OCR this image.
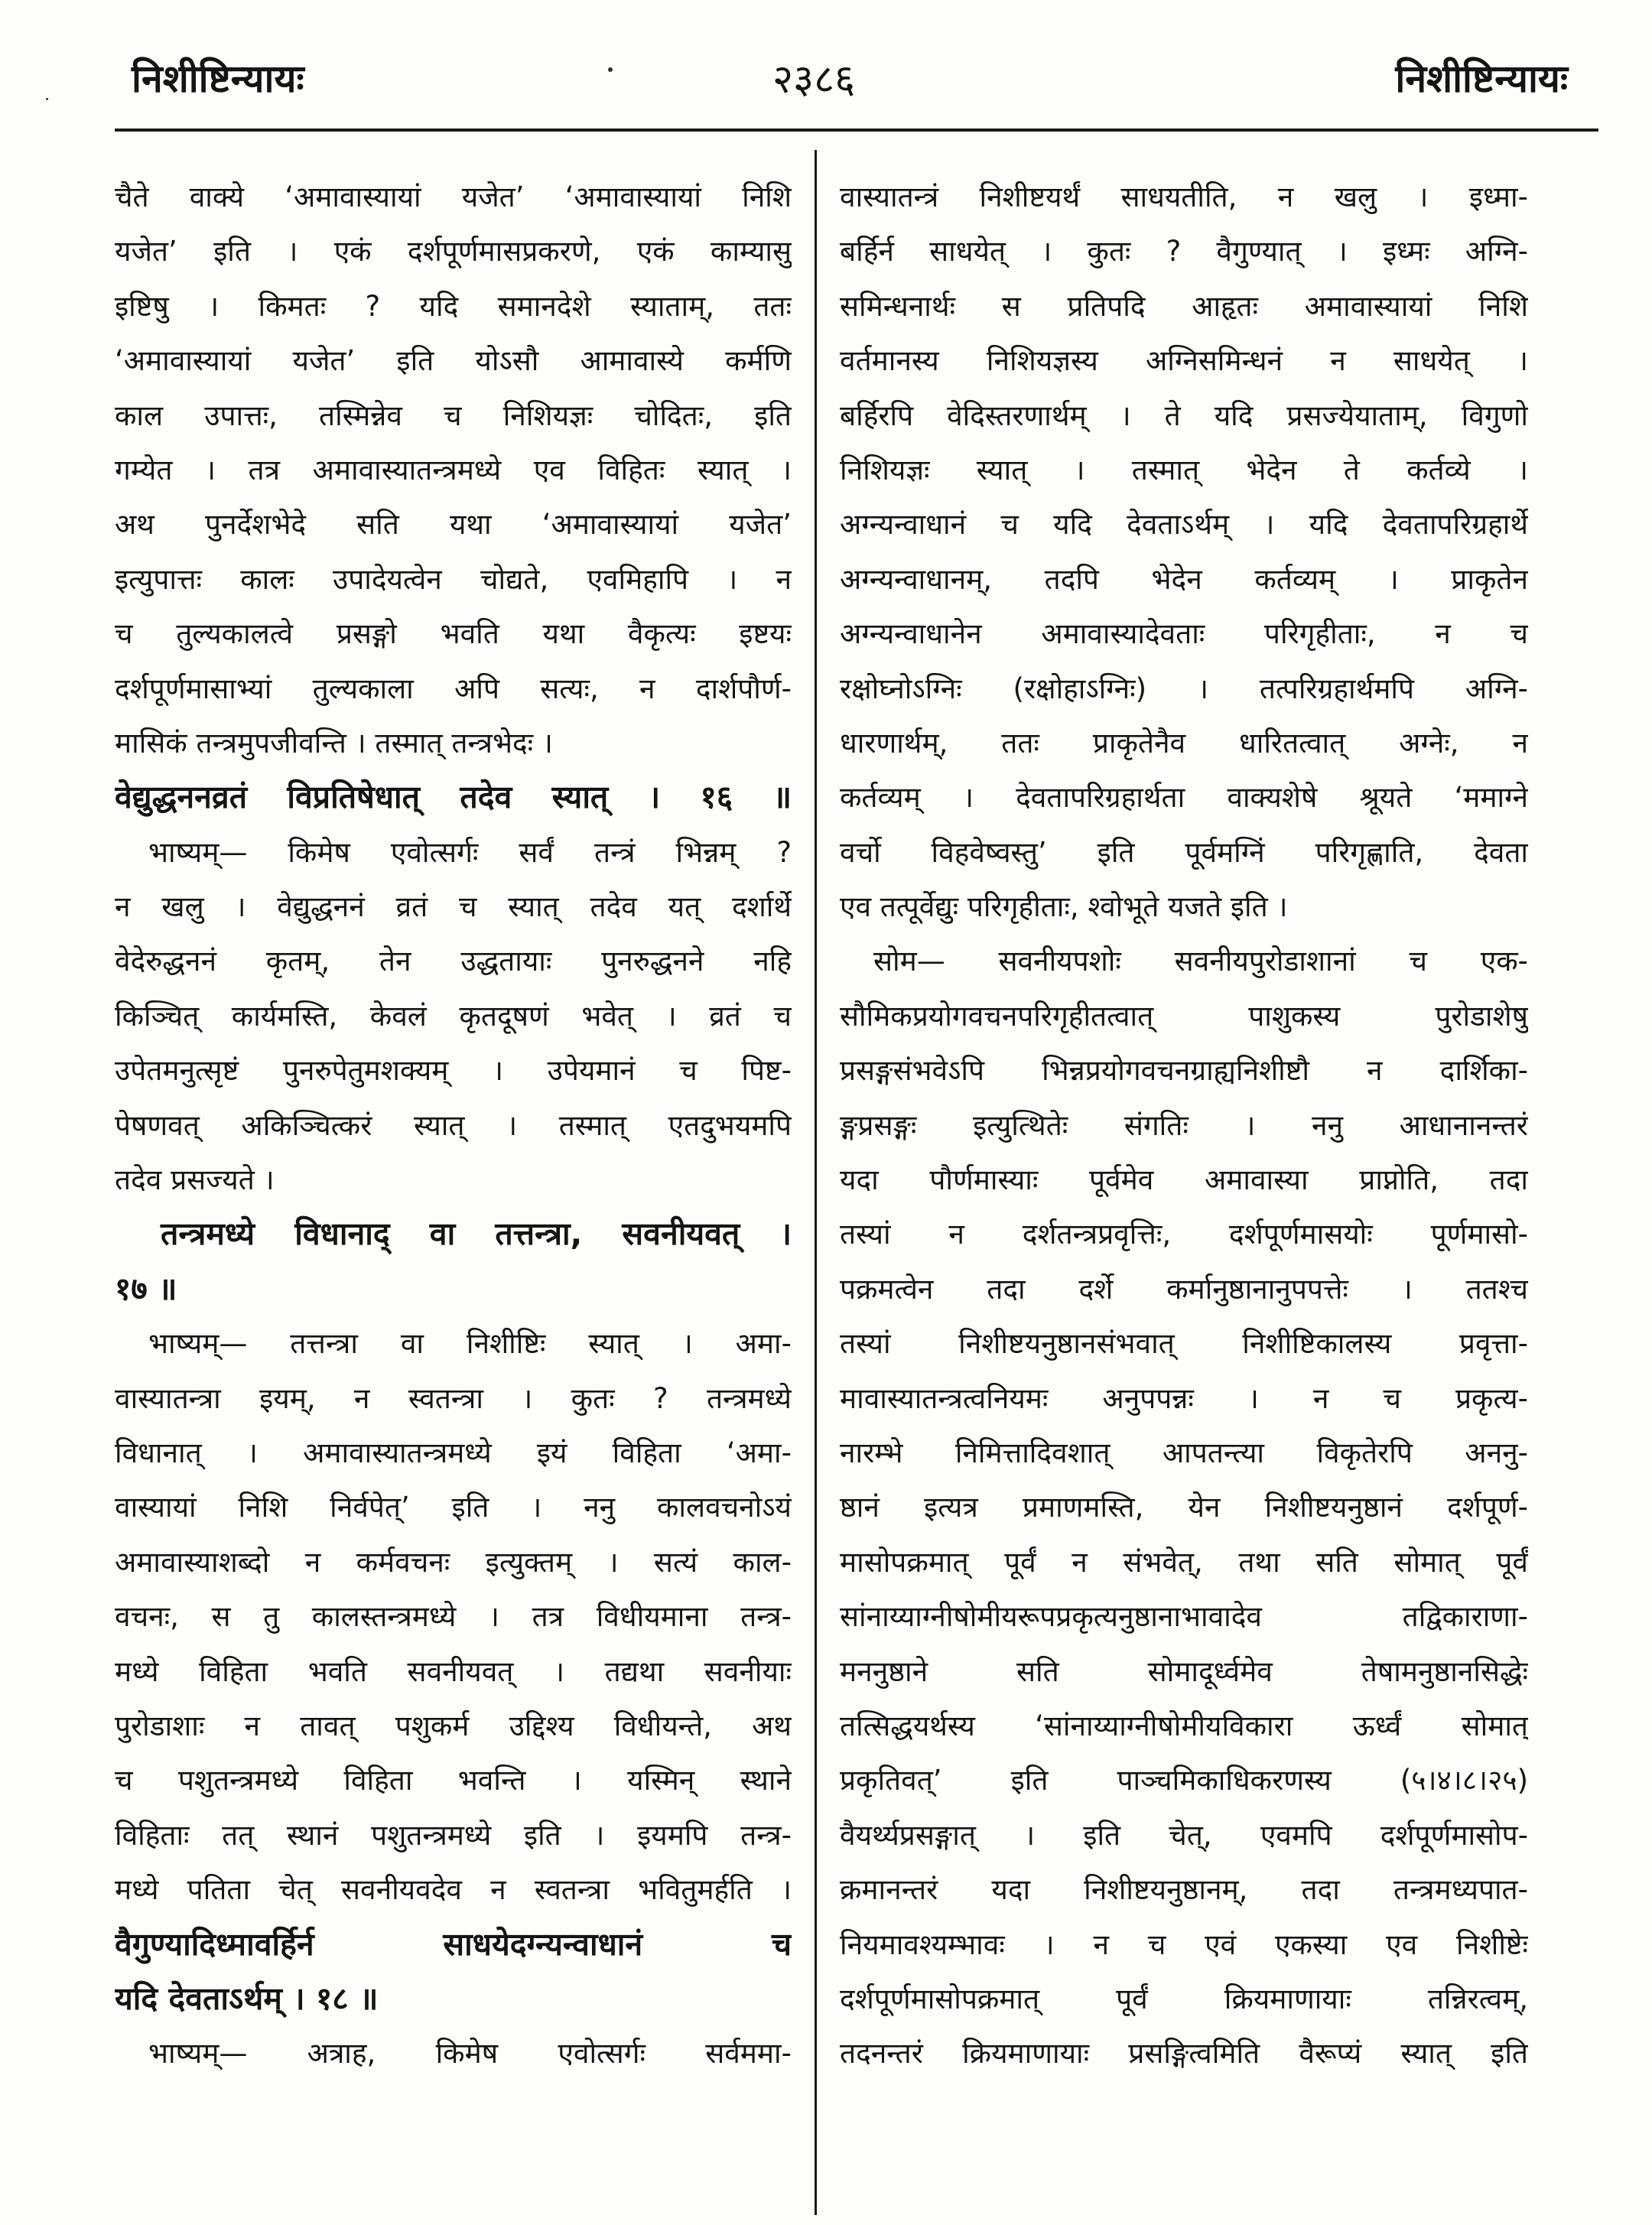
निशीष्टिन्यायः	२३८६	निशीष्टिन्यायः
चैते वाक्ये ‘अमावास्यायां यजेत’ ‘अमावास्यायां निशि
यजेत’ इति । एकं दर्शपूर्णमासप्रकरणे, एकं काम्यासु
इष्टिषु । किमतः ? यदि समानदेशे स्याताम्, ततः
‘अमावास्यायां यजेत’ इति योऽसौ आमावास्ये कर्मणि
काल उपात्तः, तस्मिन्नेव च निशियज्ञः चोदितः, इति
गम्येत । तत्र अमावास्यातन्त्रमध्ये एव विहितः स्यात् ।
अथ पुनर्देशभेदे सति यथा ‘अमावास्यायां यजेत’
इत्युपात्तः कालः उपादेयत्वेन चोद्यते, एवमिहापि । न
च तुल्यकालत्वे प्रसङ्गो भवति यथा वैकृत्यः इष्टयः
दर्शपूर्णमासाभ्यां तुल्यकाला अपि सत्यः, न दार्शपौर्ण-
मासिकं तन्त्रमुपजीवन्ति । तस्मात् तन्त्रभेदः ।
वेद्युद्धननव्रतं विप्रतिषेधात् तदेव स्यात् । १६ ॥
भाष्यम्— किमेष एवोत्सर्गः सर्वं तन्त्रं भिन्नम् ?
न खलु । वेद्युद्धननं व्रतं च स्यात् तदेव यत् दर्शार्थे
वेदेरुद्धननं कृतम्, तेन उद्धतायाः पुनरुद्धनने नहि
किञ्चित् कार्यमस्ति, केवलं कृतदूषणं भवेत् । व्रतं च
उपेतमनुत्सृष्टं पुनरुपेतुमशक्यम् । उपेयमानं च पिष्ट-
पेषणवत् अकिञ्चित्करं स्यात् । तस्मात् एतदुभयमपि
तदेव प्रसज्यते ।
तन्त्रमध्ये विधानाद् वा तत्तन्त्रा, सवनीयवत् ।
१७ ॥
भाष्यम्— तत्तन्त्रा वा निशीष्टिः स्यात् । अमा-
वास्यातन्त्रा इयम्, न स्वतन्त्रा । कुतः ? तन्त्रमध्ये
विधानात् । अमावास्यातन्त्रमध्ये इयं विहिता ‘अमा-
वास्यायां निशि निर्वपेत्’ इति । ननु कालवचनोऽयं
अमावास्याशब्दो न कर्मवचनः इत्युक्तम् । सत्यं काल-
वचनः, स तु कालस्तन्त्रमध्ये । तत्र विधीयमाना तन्त्र-
मध्ये विहिता भवति सवनीयवत् । तद्यथा सवनीयाः
पुरोडाशाः न तावत् पशुकर्म उद्दिश्य विधीयन्ते, अथ
च पशुतन्त्रमध्ये विहिता भवन्ति । यस्मिन् स्थाने
विहिताः तत् स्थानं पशुतन्त्रमध्ये इति । इयमपि तन्त्र-
मध्ये पतिता चेत् सवनीयवदेव न स्वतन्त्रा भवितुमर्हति ।
वैगुण्यादिध्मावर्हिर्न साधयेदग्न्यन्वाधानं च
यदि देवताऽर्थम् । १८ ॥
भाष्यम्— अत्राह, किमेष एवोत्सर्गः सर्वममा-
वास्यातन्त्रं निशीष्टयर्थं साधयतीति, न खलु । इध्मा-
बर्हिर्न साधयेत् । कुतः ? वैगुण्यात् । इध्मः अग्नि-
समिन्धनार्थः स प्रतिपदि आहृतः अमावास्यायां निशि
वर्तमानस्य निशियज्ञस्य अग्निसमिन्धनं न साधयेत् ।
बर्हिरपि वेदिस्तरणार्थम् । ते यदि प्रसज्येयाताम्, विगुणो
निशियज्ञः स्यात् । तस्मात् भेदेन ते कर्तव्ये ।
अग्न्यन्वाधानं च यदि देवताऽर्थम् । यदि देवतापरिग्रहार्थे
अग्न्यन्वाधानम्, तदपि भेदेन कर्तव्यम् । प्राकृतेन
अग्न्यन्वाधानेन अमावास्यादेवताः परिगृहीताः, न च
रक्षोघ्नोऽग्निः (रक्षोहाऽग्निः) । तत्परिग्रहार्थमपि अग्नि-
धारणार्थम्, ततः प्राकृतेनैव धारितत्वात् अग्नेः, न
कर्तव्यम् । देवतापरिग्रहार्थता वाक्यशेषे श्रूयते ‘ममाग्ने
वर्चो विहवेष्वस्तु’ इति पूर्वमग्निं परिगृह्णाति, देवता
एव तत्पूर्वेद्युः परिगृहीताः, श्वोभूते यजते इति ।
सोम— सवनीयपशोः सवनीयपुरोडाशानां च एक-
सौमिकप्रयोगवचनपरिगृहीतत्वात् पाशुकस्य पुरोडाशेषु
प्रसङ्गसंभवेऽपि भिन्नप्रयोगवचनग्राह्यनिशीष्टौ न दार्शिका-
ङ्गप्रसङ्गः इत्युत्थितेः संगतिः । ननु आधानानन्तरं
यदा पौर्णमास्याः पूर्वमेव अमावास्या प्राप्नोति, तदा
तस्यां न दर्शतन्त्रप्रवृत्तिः, दर्शपूर्णमासयोः पूर्णमासो-
पक्रमत्वेन तदा दर्शे कर्मानुष्ठानानुपपत्तेः । ततश्च
तस्यां निशीष्टयनुष्ठानसंभवात् निशीष्टिकालस्य प्रवृत्ता-
मावास्यातन्त्रत्वनियमः अनुपपन्नः । न च प्रकृत्य-
नारम्भे निमित्तादिवशात् आपतन्त्या विकृतेरपि अननु-
ष्ठानं इत्यत्र प्रमाणमस्ति, येन निशीष्टयनुष्ठानं दर्शपूर्ण-
मासोपक्रमात् पूर्वं न संभवेत्, तथा सति सोमात् पूर्वं
सांनाय्याग्नीषोमीयरूपप्रकृत्यनुष्ठानाभावादेव तद्विकाराणा-
मननुष्ठाने सति सोमादूर्ध्वमेव तेषामनुष्ठानसिद्धेः
तत्सिद्धयर्थस्य ‘सांनाय्याग्नीषोमीयविकारा ऊर्ध्वं सोमात्
प्रकृतिवत्’ इति पाञ्चमिकाधिकरणस्य (५।४।८।२५)
वैयर्थ्यप्रसङ्गात् । इति चेत्, एवमपि दर्शपूर्णमासोप-
क्रमानन्तरं यदा निशीष्टयनुष्ठानम्, तदा तन्त्रमध्यपात-
नियमावश्यम्भावः । न च एवं एकस्या एव निशीष्टेः
दर्शपूर्णमासोपक्रमात् पूर्वं क्रियमाणायाः तन्निरत्वम्,
तदनन्तरं क्रियमाणायाः प्रसङ्गित्वमिति वैरूप्यं स्यात् इति
